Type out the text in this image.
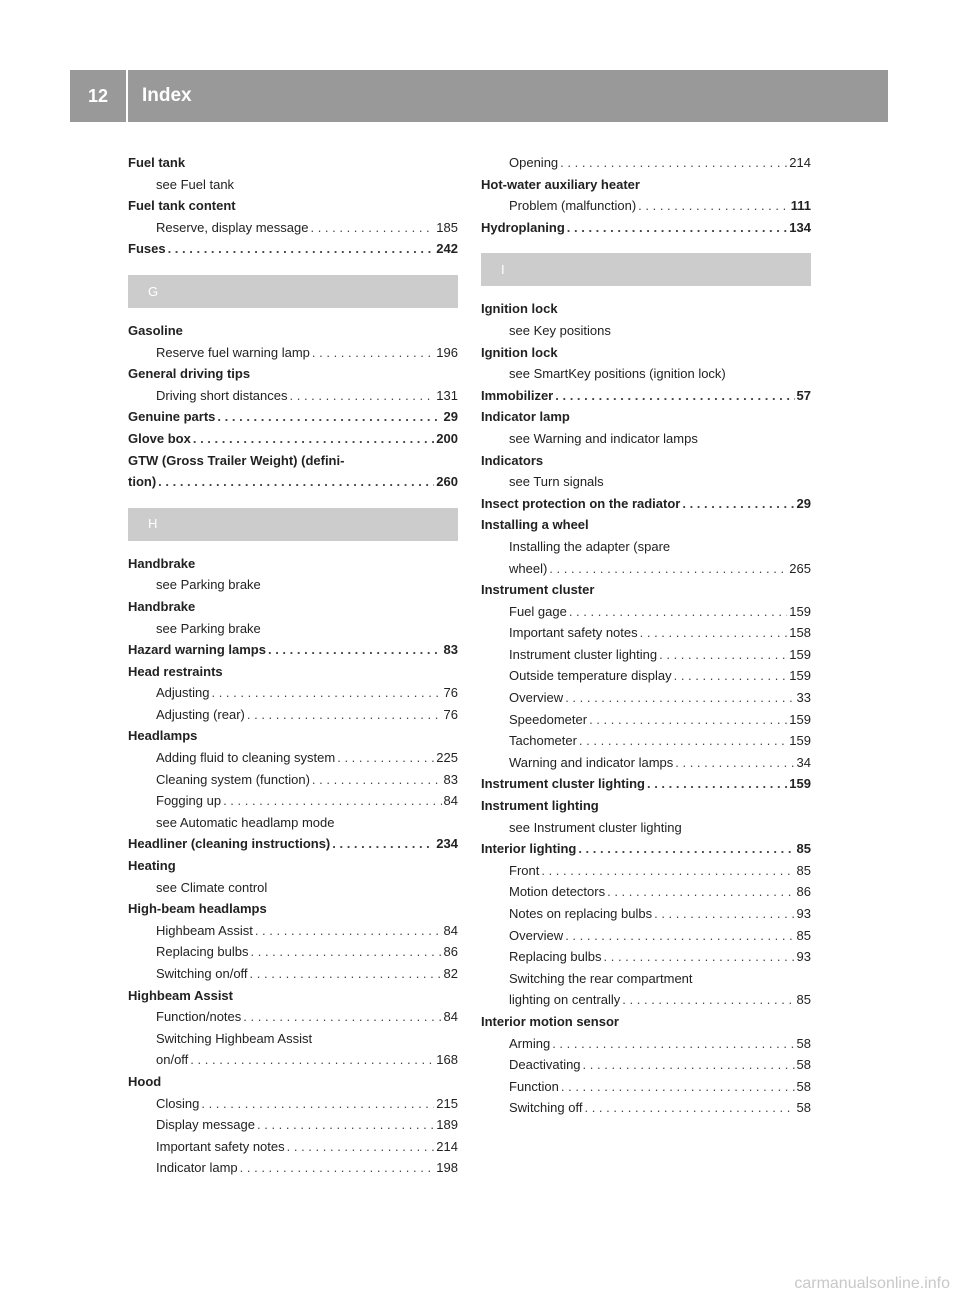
12	Index
Fuel tank
see Fuel tank
Fuel tank content
Reserve, display message . . .	185
Fuses . . .	242
G
Gasoline
Reserve fuel warning lamp . . .	196
General driving tips
Driving short distances . . .	131
Genuine parts . . .	29
Glove box . . .	200
GTW (Gross Trailer Weight) (defini-
tion) . . .	260
H
Handbrake
see Parking brake
Handbrake
see Parking brake
Hazard warning lamps . . .	83
Head restraints
Adjusting . . .	76
Adjusting (rear) . . .	76
Headlamps
Adding fluid to cleaning system . . .	225
Cleaning system (function) . . .	83
Fogging up . . .	84
see Automatic headlamp mode
Headliner (cleaning instructions) . . .	234
Heating
see Climate control
High-beam headlamps
Highbeam Assist . . .	84
Replacing bulbs . . .	86
Switching on/off . . .	82
Highbeam Assist
Function/notes . . .	84
Switching Highbeam Assist
on/off . . .	168
Hood
Closing . . .	215
Display message . . .	189
Important safety notes . . .	214
Indicator lamp . . .	198
Opening . . .	214
Hot-water auxiliary heater
Problem (malfunction) . . .	111
Hydroplaning . . .	134
I
Ignition lock
see Key positions
Ignition lock
see SmartKey positions (ignition lock)
Immobilizer . . .	57
Indicator lamp
see Warning and indicator lamps
Indicators
see Turn signals
Insect protection on the radiator . . .	29
Installing a wheel
Installing the adapter (spare
wheel) . . .	265
Instrument cluster
Fuel gage . . .	159
Important safety notes . . .	158
Instrument cluster lighting . . .	159
Outside temperature display . . .	159
Overview . . .	33
Speedometer . . .	159
Tachometer . . .	159
Warning and indicator lamps . . .	34
Instrument cluster lighting . . .	159
Instrument lighting
see Instrument cluster lighting
Interior lighting . . .	85
Front . . .	85
Motion detectors . . .	86
Notes on replacing bulbs . . .	93
Overview . . .	85
Replacing bulbs . . .	93
Switching the rear compartment
lighting on centrally . . .	85
Interior motion sensor
Arming . . .	58
Deactivating . . .	58
Function . . .	58
Switching off . . .	58
carmanualsonline.info
